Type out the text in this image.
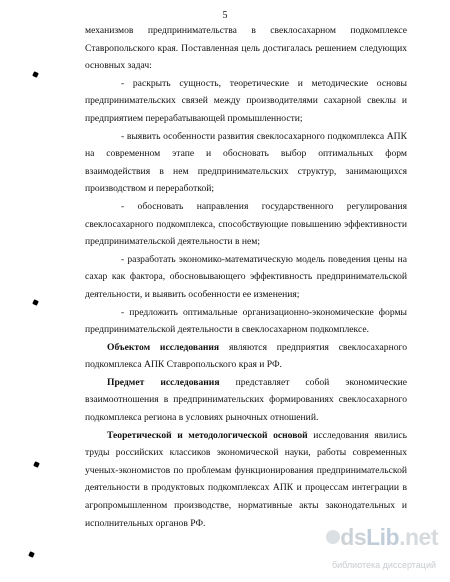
5

механизмов предпринимательства в свеклосахарном подкомплексе Ставропольского края. Поставленная цель достигалась решением следующих основных задач:

- раскрыть сущность, теоретические и методические основы предпринимательских связей между производителями сахарной свеклы и предприятием перерабатывающей промышленности;

- выявить особенности развития свеклосахарного подкомплекса АПК на современном этапе и обосновать выбор оптимальных форм взаимодействия в нем предпринимательских структур, занимающихся производством и переработкой;

- обосновать направления государственного регулирования свеклосахарного подкомплекса, способствующие повышению эффективности предпринимательской деятельности в нем;

- разработать экономико-математическую модель поведения цены на сахар как фактора, обосновывающего эффективность предпринимательской деятельности, и выявить особенности ее изменения;

- предложить оптимальные организационно-экономические формы предпринимательской деятельности в свеклосахарном подкомплексе.

Объектом исследования являются предприятия свеклосахарного подкомплекса АПК Ставропольского края и РФ.

Предмет исследования представляет собой экономические взаимоотношения в предпринимательских формированиях свеклосахарного подкомплекса региона в условиях рыночных отношений.

Теоретической и методологической основой исследования явились труды российских классиков экономической науки, работы современных ученых-экономистов по проблемам функционирования предпринимательской деятельности в продуктовых подкомплексах АПК и процессам интеграции в агропромышленном производстве, нормативные акты законодательных и исполнительных органов РФ.

dsLib.net
библиотека диссертаций
